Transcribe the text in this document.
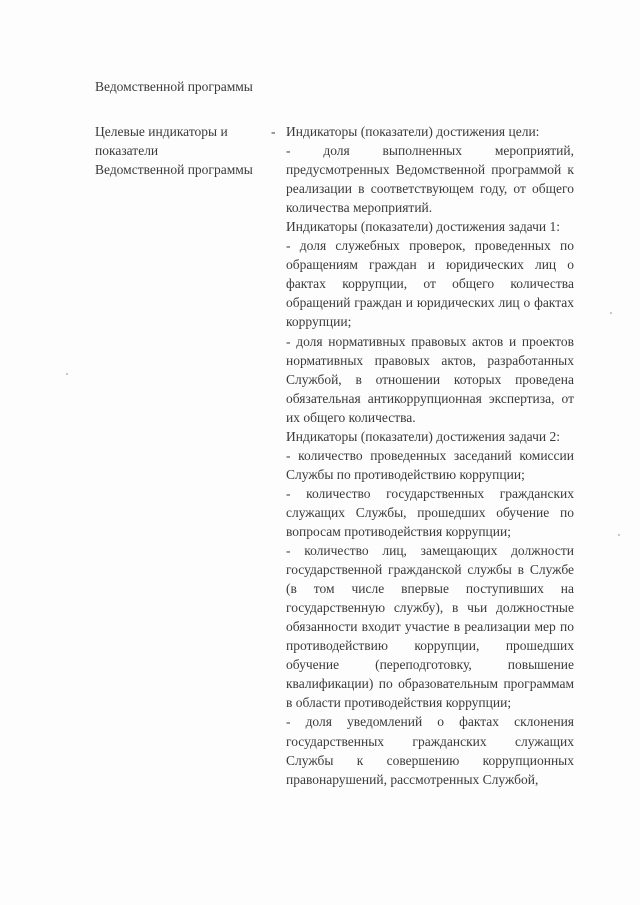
Ведомственной программы

Целевые индикаторы и показатели

Ведомственной программы

- Индикаторы (показатели) достижения цели:

- доля выполненных мероприятий, предусмотренных Ведомственной программой к реализации в соответствующем году, от общего количества мероприятий.

Индикаторы (показатели) достижения задачи 1:

- доля служебных проверок, проведенных по обращениям граждан и юридических лиц о фактах коррупции, от общего количества обращений граждан и юридических лиц о фактах коррупции;

- доля нормативных правовых актов и проектов нормативных правовых актов, разработанных Службой, в отношении которых проведена обязательная антикоррупционная экспертиза, от их общего количества.

Индикаторы (показатели) достижения задачи 2:

- количество проведенных заседаний комиссии Службы по противодействию коррупции;

- количество государственных гражданских служащих Службы, прошедших обучение по вопросам противодействия коррупции;

- количество лиц, замещающих должности государственной гражданской службы в Службе (в том числе впервые поступивших на государственную службу), в чьи должностные обязанности входит участие в реализации мер по противодействию коррупции, прошедших обучение (переподготовку, повышение квалификации) по образовательным программам в области противодействия коррупции;

- доля уведомлений о фактах склонения государственных гражданских служащих Службы к совершению коррупционных правонарушений, рассмотренных Службой,
